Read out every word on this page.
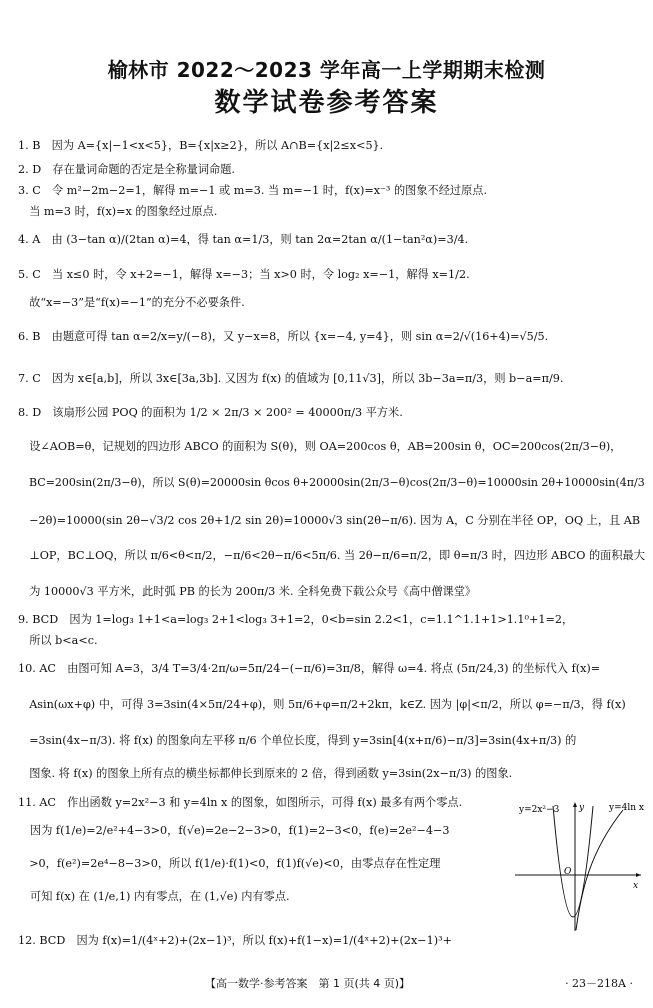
榆林市 2022～2023 学年高一上学期期末检测
数学试卷参考答案
1. B　因为 A={x|−1<x<5}，B={x|x≥2}，所以 A∩B={x|2≤x<5}.
2. D　存在量词命题的否定是全称量词命题.
3. C　令 m²−2m−2=1，解得 m=−1 或 m=3. 当 m=−1 时，f(x)=x⁻³ 的图象不经过原点.
　当 m=3 时，f(x)=x 的图象经过原点.
4. A　由 (3−tan α)/(2tan α)=4，得 tan α=1/3，则 tan 2α=2tan α/(1−tan²α)=3/4.
5. C　当 x≤0 时，令 x+2=−1，解得 x=−3；当 x>0 时，令 log₂ x=−1，解得 x=1/2.
　故“x=−3”是“f(x)=−1”的充分不必要条件.
6. B　由题意可得 tan α=2/x=y/(−8)，又 y−x=8，所以 {x=−4, y=4}，则 sin α=2/√(16+4)=√5/5.
7. C　因为 x∈[a,b]，所以 3x∈[3a,3b]. 又因为 f(x) 的值域为 [0,11√3]，所以 3b−3a=π/3，则 b−a=π/9.
8. D　该扇形公园 POQ 的面积为 1/2 × 2π/3 × 200² = 40000π/3 平方米.
　设∠AOB=θ，记规划的四边形 ABCO 的面积为 S(θ)，则 OA=200cos θ，AB=200sin θ，OC=200cos(2π/3−θ)，
　BC=200sin(2π/3−θ)，所以 S(θ)=20000sin θcos θ+20000sin(2π/3−θ)cos(2π/3−θ)=10000sin 2θ+10000sin(4π/3
　−2θ)=10000(sin 2θ−√3/2 cos 2θ+1/2 sin 2θ)=10000√3 sin(2θ−π/6). 因为 A，C 分别在半径 OP，OQ 上，且 AB
　⊥OP，BC⊥OQ，所以 π/6<θ<π/2，−π/6<2θ−π/6<5π/6. 当 2θ−π/6=π/2，即 θ=π/3 时，四边形 ABCO 的面积最大
　为 10000√3 平方米，此时弧 PB 的长为 200π/3 米. 全科免费下载公众号《高中僧课堂》
9. BCD　因为 1=log₃ 1+1<a=log₃ 2+1<log₃ 3+1=2，0<b=sin 2.2<1，c=1.1^1.1+1>1.1⁰+1=2，
　所以 b<a<c.
10. AC　由图可知 A=3，3/4 T=3/4·2π/ω=5π/24−(−π/6)=3π/8，解得 ω=4. 将点 (5π/24,3) 的坐标代入 f(x)=
　Asin(ωx+φ) 中，可得 3=3sin(4×5π/24+φ)，则 5π/6+φ=π/2+2kπ，k∈Z. 因为 |φ|<π/2，所以 φ=−π/3，得 f(x)
　=3sin(4x−π/3). 将 f(x) 的图象向左平移 π/6 个单位长度，得到 y=3sin[4(x+π/6)−π/3]=3sin(4x+π/3) 的
　图象. 将 f(x) 的图象上所有点的横坐标都伸长到原来的 2 倍，得到函数 y=3sin(2x−π/3) 的图象.
11. AC　作出函数 y=2x²−3 和 y=4ln x 的图象，如图所示，可得 f(x) 最多有两个零点.
因为 f(1/e)=2/e²+4−3>0，f(√e)=2e−2−3>0，f(1)=2−3<0，f(e)=2e²−4−3
　>0，f(e²)=2e⁴−8−3>0，所以 f(1/e)·f(1)<0，f(1)f(√e)<0，由零点存在性定理
可知 f(x) 在 (1/e,1) 内有零点，在 (1,√e) 内有零点.
12. BCD　因为 f(x)=1/(4ˣ+2)+(2x−1)³，所以 f(x)+f(1−x)=1/(4ˣ+2)+(2x−1)³+
y=2x²−3	y=4ln x
y
x
O
【高一数学·参考答案　第 1 页(共 4 页)】	· 23－218A ·
